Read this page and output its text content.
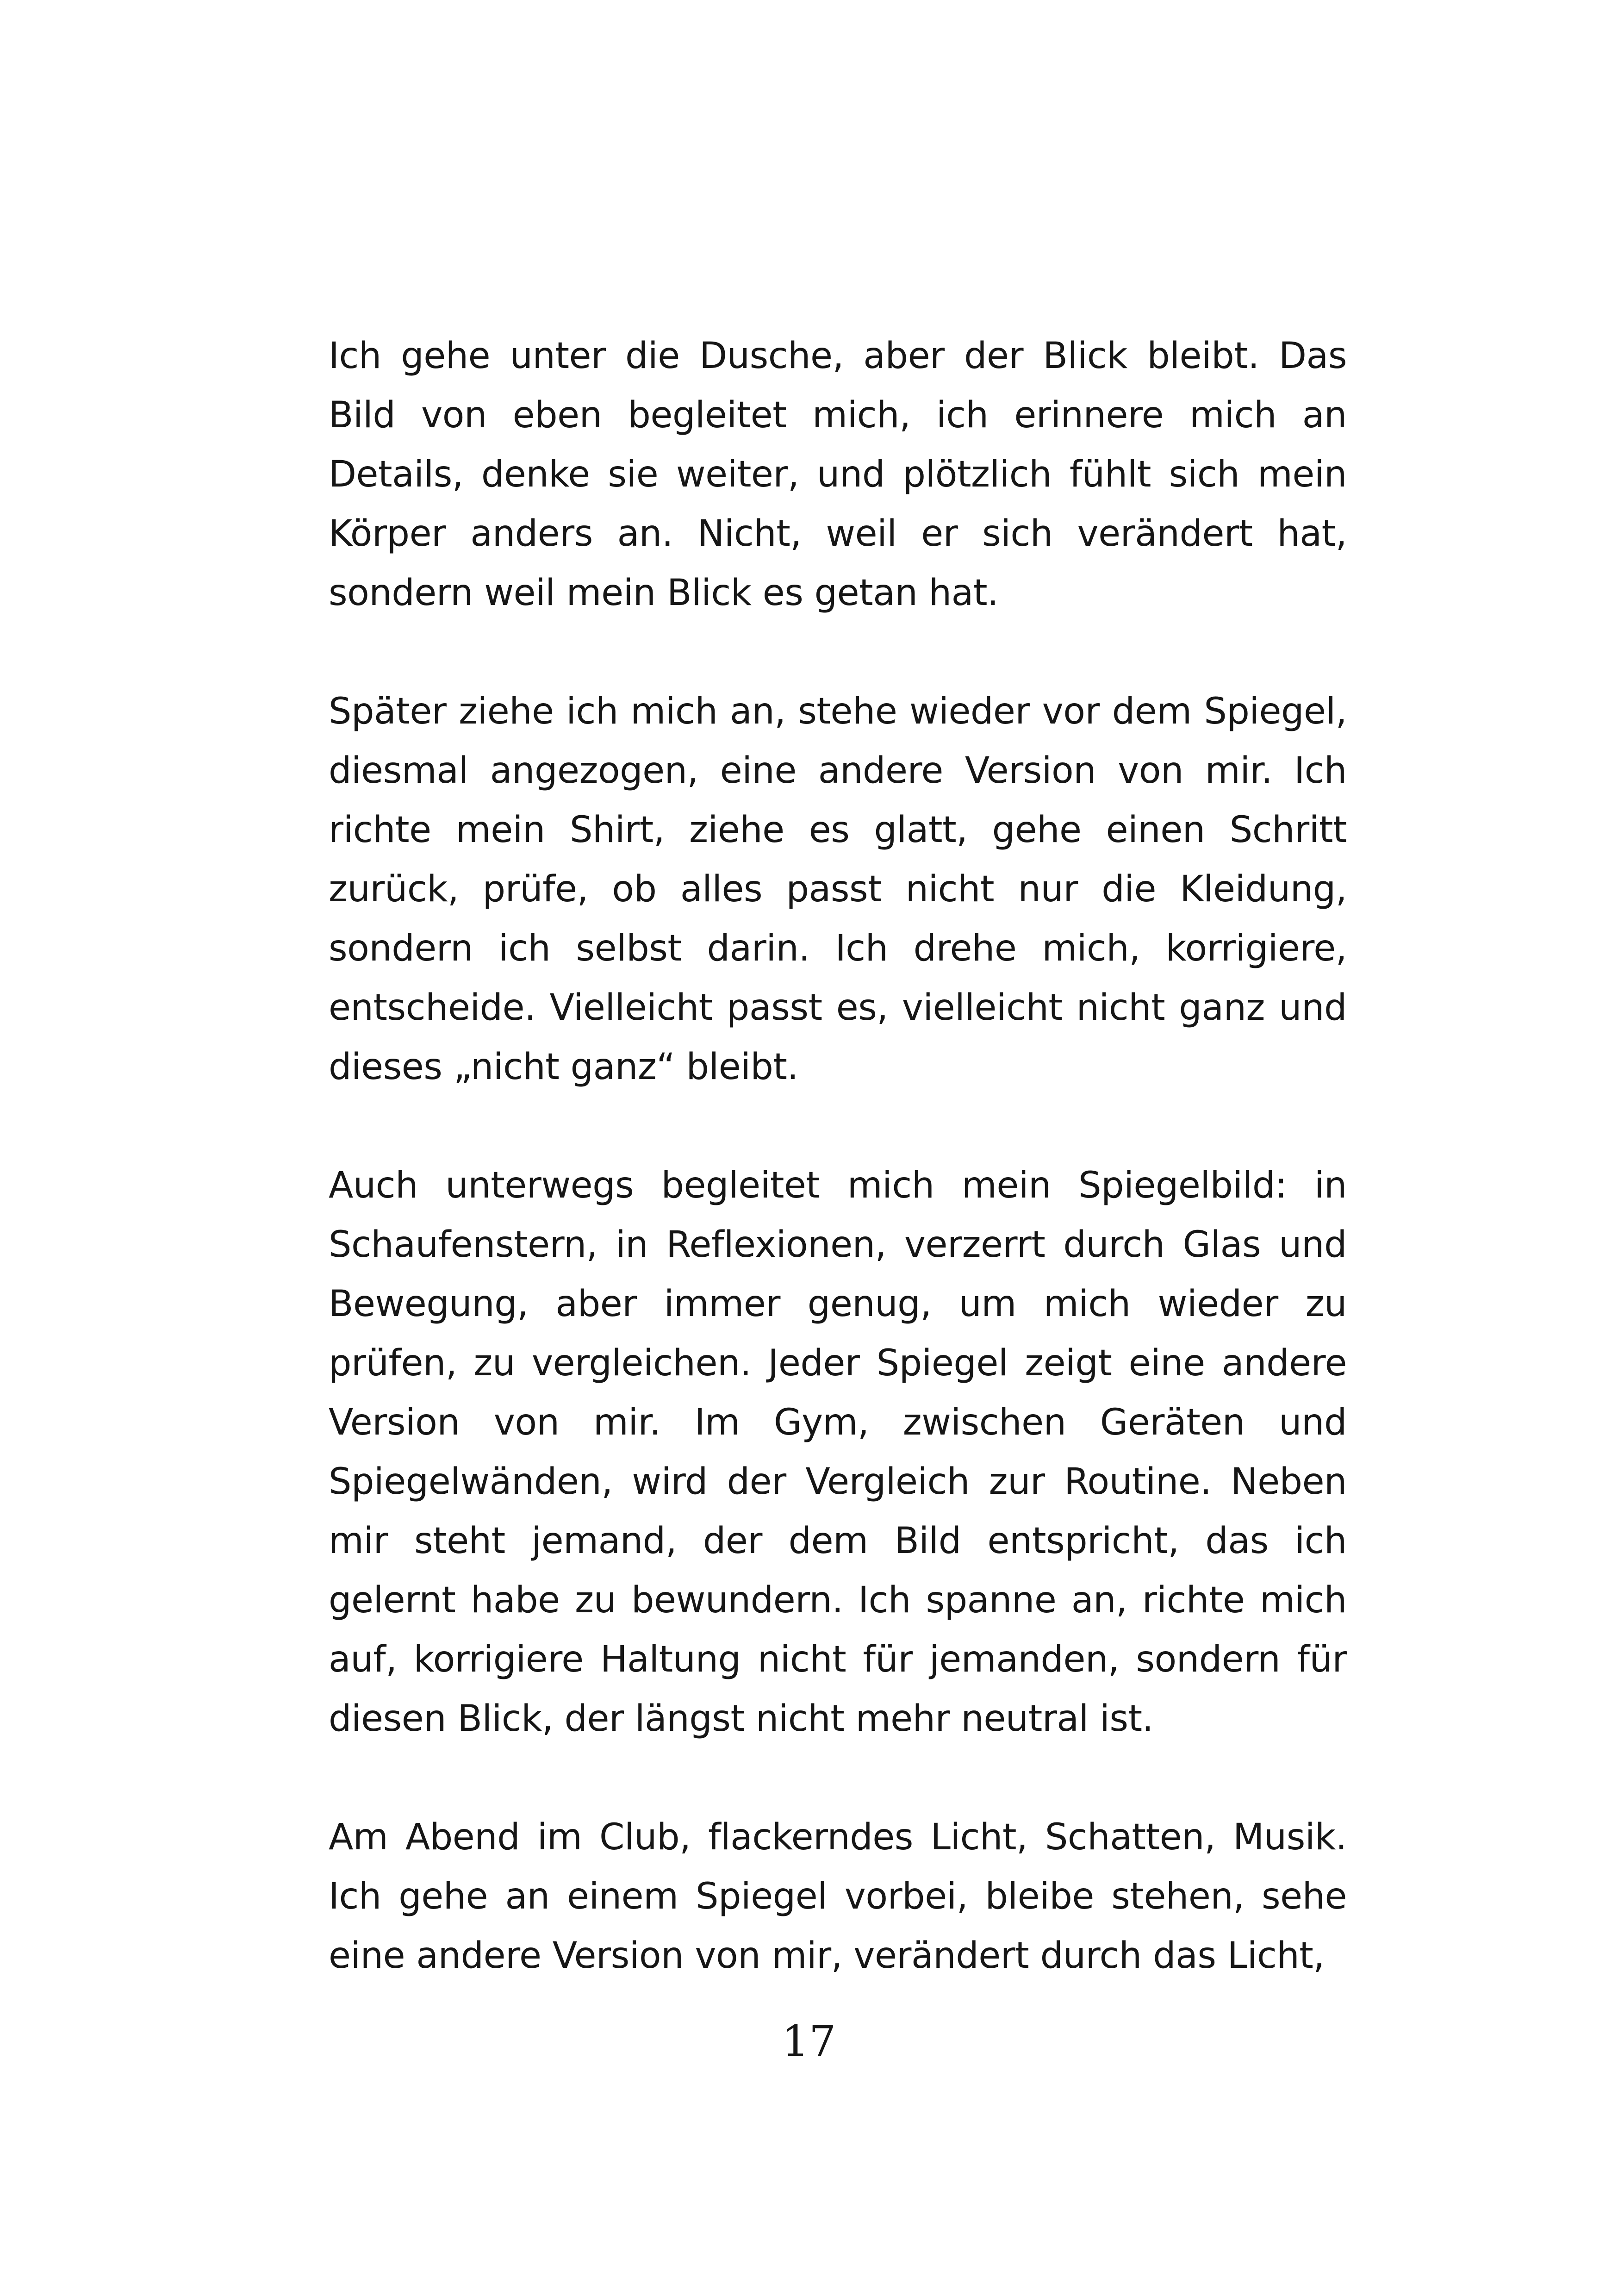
Ich gehe unter die Dusche, aber der Blick bleibt. Das Bild von eben begleitet mich, ich erinnere mich an Details, denke sie weiter, und plötzlich fühlt sich mein Körper anders an. Nicht, weil er sich verändert hat, sondern weil mein Blick es getan hat.

Später ziehe ich mich an, stehe wieder vor dem Spiegel, diesmal angezogen, eine andere Version von mir. Ich richte mein Shirt, ziehe es glatt, gehe einen Schritt zurück, prüfe, ob alles passt nicht nur die Kleidung, sondern ich selbst darin. Ich drehe mich, korrigiere, entscheide. Vielleicht passt es, vielleicht nicht ganz und dieses „nicht ganz“ bleibt.

Auch unterwegs begleitet mich mein Spiegelbild: in Schaufenstern, in Reflexionen, verzerrt durch Glas und Bewegung, aber immer genug, um mich wieder zu prüfen, zu vergleichen. Jeder Spiegel zeigt eine andere Version von mir. Im Gym, zwischen Geräten und Spiegelwänden, wird der Vergleich zur Routine. Neben mir steht jemand, der dem Bild entspricht, das ich gelernt habe zu bewundern. Ich spanne an, richte mich auf, korrigiere Haltung nicht für jemanden, sondern für diesen Blick, der längst nicht mehr neutral ist.

Am Abend im Club, flackerndes Licht, Schatten, Musik. Ich gehe an einem Spiegel vorbei, bleibe stehen, sehe eine andere Version von mir, verändert durch das Licht,

17
